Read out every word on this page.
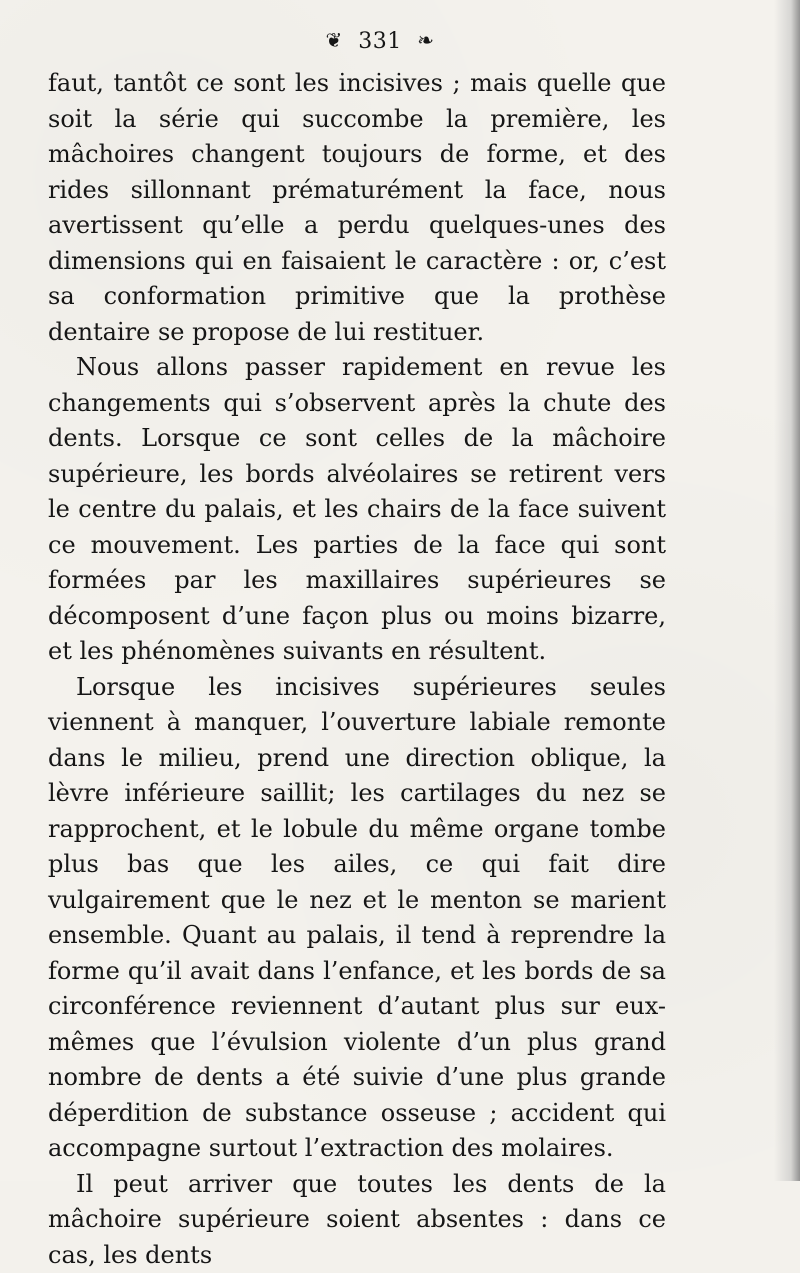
❦ 331 ❧

faut, tantôt ce sont les incisives ; mais quelle que soit la série qui succombe la première, les mâchoires changent toujours de forme, et des rides sillonnant prématurément la face, nous avertissent qu’elle a perdu quelques-unes des dimensions qui en faisaient le caractère : or, c’est sa conformation primitive que la prothèse dentaire se propose de lui restituer.

Nous allons passer rapidement en revue les changements qui s’observent après la chute des dents. Lorsque ce sont celles de la mâchoire supérieure, les bords alvéolaires se retirent vers le centre du palais, et les chairs de la face suivent ce mouvement. Les parties de la face qui sont formées par les maxillaires supérieures se décomposent d’une façon plus ou moins bizarre, et les phénomènes suivants en résultent.

Lorsque les incisives supérieures seules viennent à manquer, l’ouverture labiale remonte dans le milieu, prend une direction oblique, la lèvre inférieure saillit; les cartilages du nez se rapprochent, et le lobule du même organe tombe plus bas que les ailes, ce qui fait dire vulgairement que le nez et le menton se marient ensemble. Quant au palais, il tend à reprendre la forme qu’il avait dans l’enfance, et les bords de sa circonférence reviennent d’autant plus sur eux-mêmes que l’évulsion violente d’un plus grand nombre de dents a été suivie d’une plus grande déperdition de substance osseuse ; accident qui accompagne surtout l’extraction des molaires.

Il peut arriver que toutes les dents de la mâchoire supérieure soient absentes : dans ce cas, les dents
